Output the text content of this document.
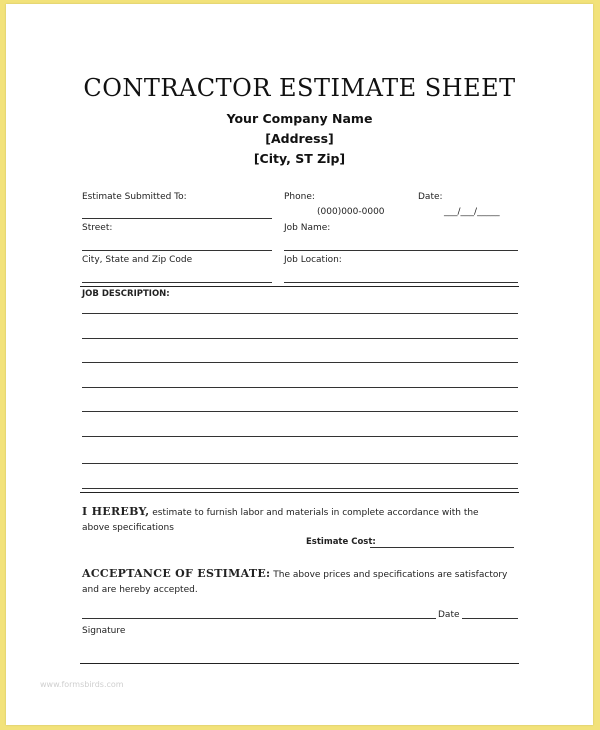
CONTRACTOR ESTIMATE SHEET
Your Company Name
[Address]
[City, ST Zip]
Estimate Submitted To:	Phone:	Date:
(000)000-0000	___/___/_____
Street:	Job Name:
City, State and Zip Code	Job Location:
JOB DESCRIPTION:
I HEREBY, estimate to furnish labor and materials in complete accordance with the above specifications
Estimate Cost:
ACCEPTANCE OF ESTIMATE: The above prices and specifications are satisfactory and are hereby accepted.
Date
Signature
www.formsbirds.com
